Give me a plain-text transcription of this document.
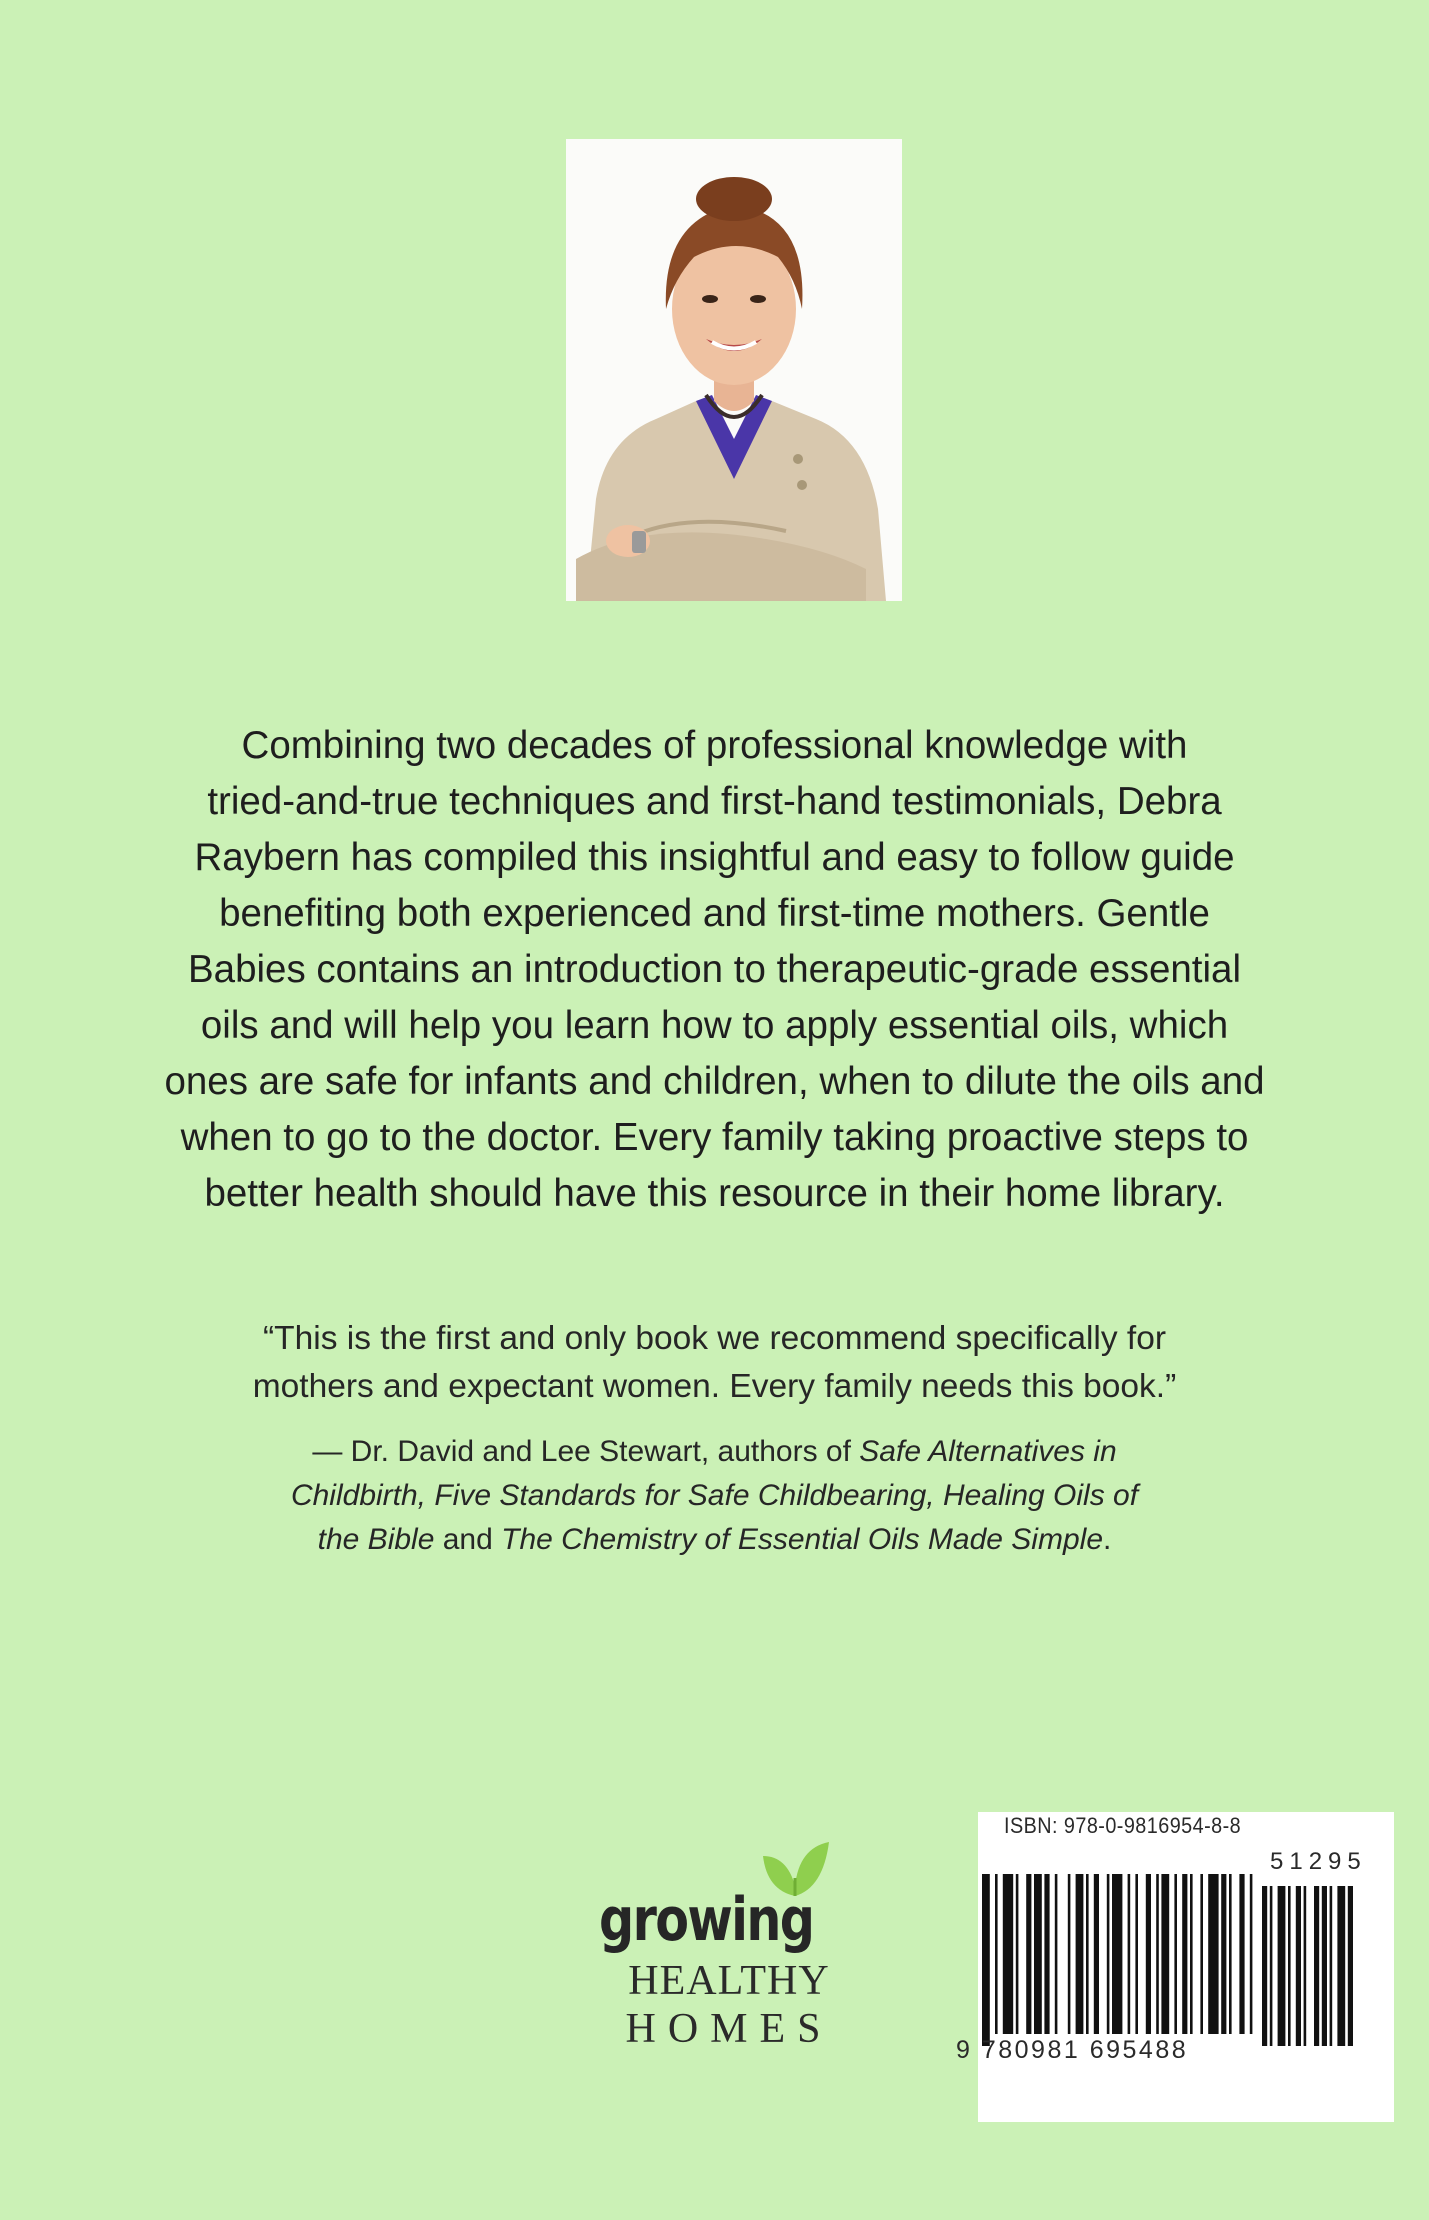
Combining two decades of professional knowledge with
tried-and-true techniques and first-hand testimonials, Debra
Raybern has compiled this insightful and easy to follow guide
benefiting both experienced and first-time mothers. Gentle
Babies contains an introduction to therapeutic-grade essential
oils and will help you learn how to apply essential oils, which
ones are safe for infants and children, when to dilute the oils and
when to go to the doctor. Every family taking proactive steps to
better health should have this resource in their home library.

“This is the first and only book we recommend specifically for
mothers and expectant women. Every family needs this book.”

— Dr. David and Lee Stewart, authors of Safe Alternatives in
Childbirth, Five Standards for Safe Childbearing, Healing Oils of
the Bible and The Chemistry of Essential Oils Made Simple.

growing
HEALTHY
HOMES
ISBN: 978-0-9816954-8-8
51295
9 780981 695488
